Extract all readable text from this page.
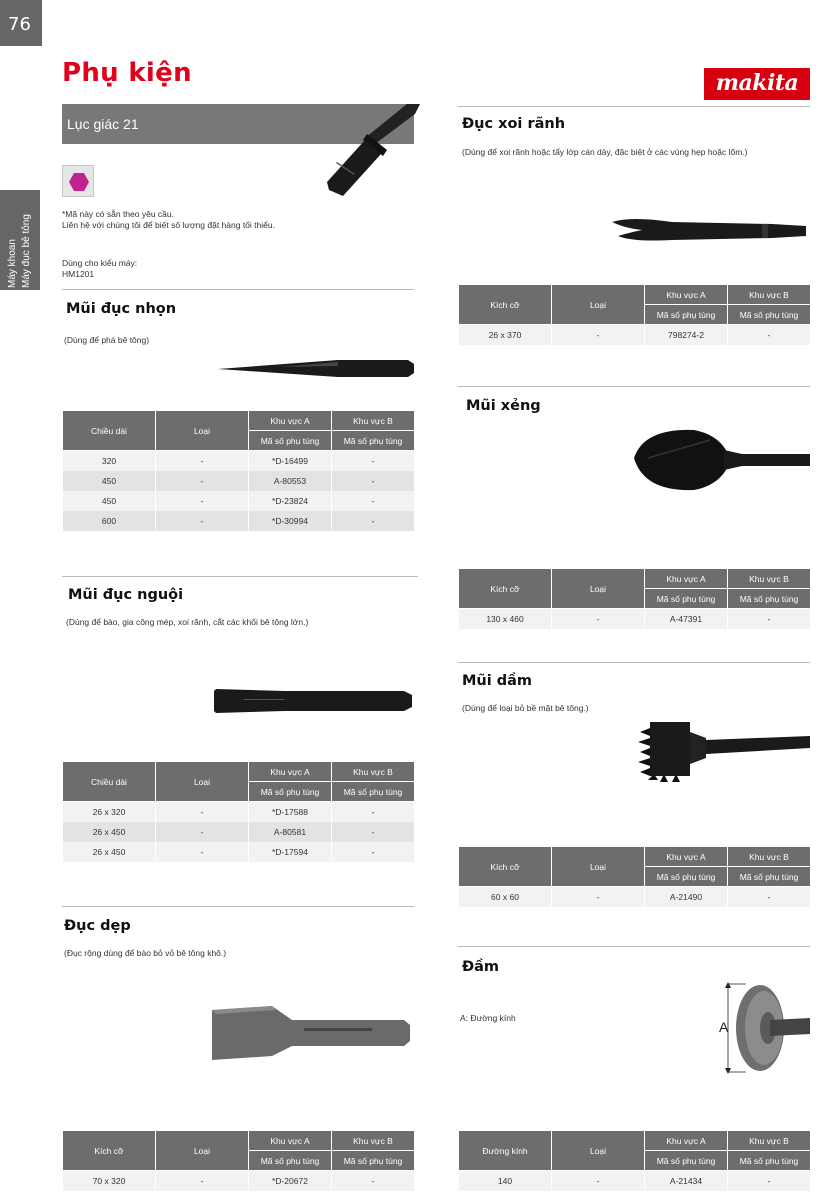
76
Máy khoan Máy đục bê tông
Phụ kiện	makita
Lục giác 21
*Mã này có sẵn theo yêu cầu.
Liên hệ với chúng tôi để biết số lượng đặt hàng tối thiểu.
Dùng cho kiểu máy:
HM1201
Mũi đục nhọn
(Dùng để phá bê tông)
Chiều dài	Loại	Khu vực A	Khu vực B
		Mã số phụ tùng	Mã số phụ tùng
320	-	*D-16499	-
450	-	A-80553	-
450	-	*D-23824	-
600	-	*D-30994	-
Mũi đục nguội
(Dùng để bào, gia công mép, xoi rãnh, cắt các khối bê tông lớn.)
Chiều dài	Loại	Khu vực A	Khu vực B
		Mã số phụ tùng	Mã số phụ tùng
26 x 320	-	*D-17588	-
26 x 450	-	A-80581	-
26 x 450	-	*D-17594	-
Đục dẹp
(Đục rộng dùng để bào bỏ vỏ bê tông khô.)
Kích cỡ	Loại	Khu vực A	Khu vực B
		Mã số phụ tùng	Mã số phụ tùng
70 x 320	-	*D-20672	-
Đục xoi rãnh
(Dùng để xoi rãnh hoặc tẩy lớp cán dày, đặc biệt ở các vùng hẹp hoặc lõm.)
Kích cỡ	Loại	Khu vực A	Khu vực B
		Mã số phụ tùng	Mã số phụ tùng
26 x 370	-	798274-2	-
Mũi xẻng
Kích cỡ	Loại	Khu vực A	Khu vực B
		Mã số phụ tùng	Mã số phụ tùng
130 x 460	-	A-47391	-
Mũi dầm
(Dùng để loại bỏ bề mặt bê tông.)
Kích cỡ	Loại	Khu vực A	Khu vực B
		Mã số phụ tùng	Mã số phụ tùng
60 x 60	-	A-21490	-
Đầm
A: Đường kính
A
Đường kính	Loại	Khu vực A	Khu vực B
		Mã số phụ tùng	Mã số phụ tùng
140	-	A-21434	-
